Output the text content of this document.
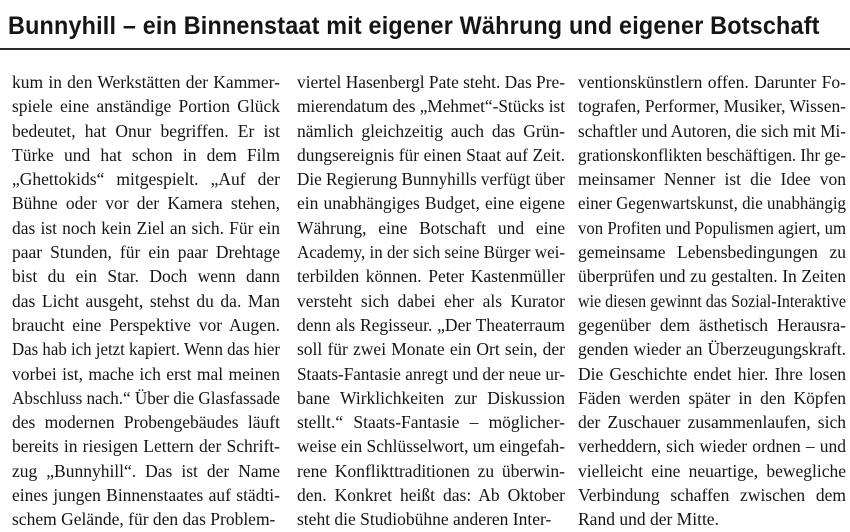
Bunnyhill – ein Binnenstaat mit eigener Währung und eigener Botschaft
kum in den Werkstätten der Kammer-
spiele eine anständige Portion Glück
bedeutet, hat Onur begriffen. Er ist
Türke und hat schon in dem Film
„Ghettokids“ mitgespielt. „Auf der
Bühne oder vor der Kamera stehen,
das ist noch kein Ziel an sich. Für ein
paar Stunden, für ein paar Drehtage
bist du ein Star. Doch wenn dann
das Licht ausgeht, stehst du da. Man
braucht eine Perspektive vor Augen.
Das hab ich jetzt kapiert. Wenn das hier
vorbei ist, mache ich erst mal meinen
Abschluss nach.“ Über die Glasfassade
des modernen Probengebäudes läuft
bereits in riesigen Lettern der Schrift-
zug „Bunnyhill“. Das ist der Name
eines jungen Binnenstaates auf städti-
schem Gelände, für den das Problem-
viertel Hasenbergl Pate steht. Das Pre-
mierendatum des „Mehmet“-Stücks ist
nämlich gleichzeitig auch das Grün-
dungsereignis für einen Staat auf Zeit.
Die Regierung Bunnyhills verfügt über
ein unabhängiges Budget, eine eigene
Währung, eine Botschaft und eine
Academy, in der sich seine Bürger wei-
terbilden können. Peter Kastenmüller
versteht sich dabei eher als Kurator
denn als Regisseur. „Der Theaterraum
soll für zwei Monate ein Ort sein, der
Staats-Fantasie anregt und der neue ur-
bane Wirklichkeiten zur Diskussion
stellt.“ Staats-Fantasie – möglicher-
weise ein Schlüsselwort, um eingefah-
rene Konflikttraditionen zu überwin-
den. Konkret heißt das: Ab Oktober
steht die Studiobühne anderen Inter-
ventionskünstlern offen. Darunter Fo-
tografen, Performer, Musiker, Wissen-
schaftler und Autoren, die sich mit Mi-
grationskonflikten beschäftigen. Ihr ge-
meinsamer Nenner ist die Idee von
einer Gegenwartskunst, die unabhängig
von Profiten und Populismen agiert, um
gemeinsame Lebensbedingungen zu
überprüfen und zu gestalten. In Zeiten
wie diesen gewinnt das Sozial-Interaktive
gegenüber dem ästhetisch Herausra-
genden wieder an Überzeugungskraft.
Die Geschichte endet hier. Ihre losen
Fäden werden später in den Köpfen
der Zuschauer zusammenlaufen, sich
verheddern, sich wieder ordnen – und
vielleicht eine neuartige, bewegliche
Verbindung schaffen zwischen dem
Rand und der Mitte.
